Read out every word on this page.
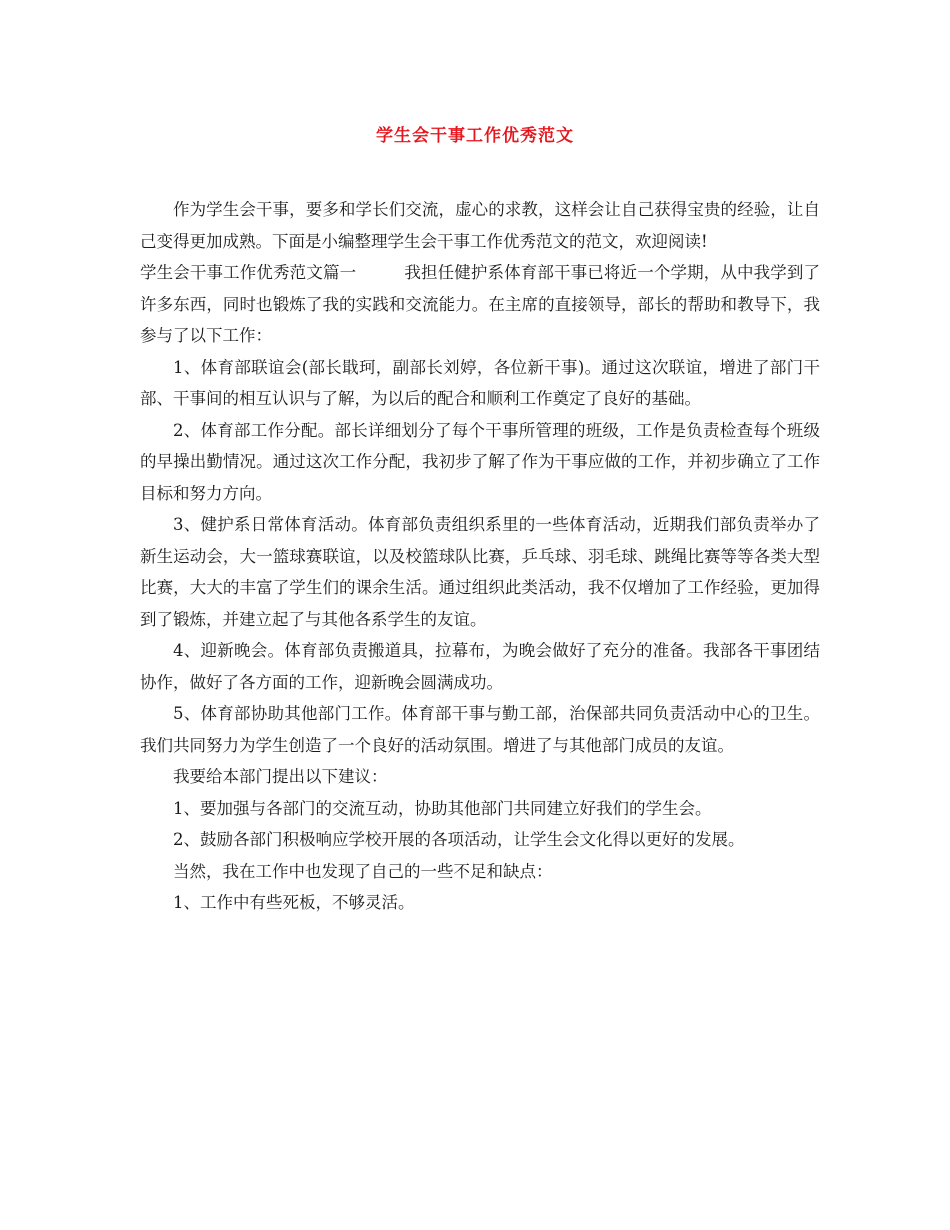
学生会干事工作优秀范文

作为学生会干事，要多和学长们交流，虚心的求教，这样会让自己获得宝贵的经验，让自己变得更加成熟。下面是小编整理学生会干事工作优秀范文的范文，欢迎阅读!

学生会干事工作优秀范文篇一	我担任健护系体育部干事已将近一个学期，从中我学到了许多东西，同时也锻炼了我的实践和交流能力。在主席的直接领导，部长的帮助和教导下，我参与了以下工作：

1、体育部联谊会(部长戢珂，副部长刘婷，各位新干事)。通过这次联谊，增进了部门干部、干事间的相互认识与了解，为以后的配合和顺利工作奠定了良好的基础。

2、体育部工作分配。部长详细划分了每个干事所管理的班级，工作是负责检查每个班级的早操出勤情况。通过这次工作分配，我初步了解了作为干事应做的工作，并初步确立了工作目标和努力方向。

3、健护系日常体育活动。体育部负责组织系里的一些体育活动，近期我们部负责举办了新生运动会，大一篮球赛联谊，以及校篮球队比赛，乒乓球、羽毛球、跳绳比赛等等各类大型比赛，大大的丰富了学生们的课余生活。通过组织此类活动，我不仅增加了工作经验，更加得到了锻炼，并建立起了与其他各系学生的友谊。

4、迎新晚会。体育部负责搬道具，拉幕布，为晚会做好了充分的准备。我部各干事团结协作，做好了各方面的工作，迎新晚会圆满成功。

5、体育部协助其他部门工作。体育部干事与勤工部，治保部共同负责活动中心的卫生。我们共同努力为学生创造了一个良好的活动氛围。增进了与其他部门成员的友谊。

我要给本部门提出以下建议：

1、要加强与各部门的交流互动，协助其他部门共同建立好我们的学生会。

2、鼓励各部门积极响应学校开展的各项活动，让学生会文化得以更好的发展。

当然，我在工作中也发现了自己的一些不足和缺点：

1、工作中有些死板，不够灵活。
